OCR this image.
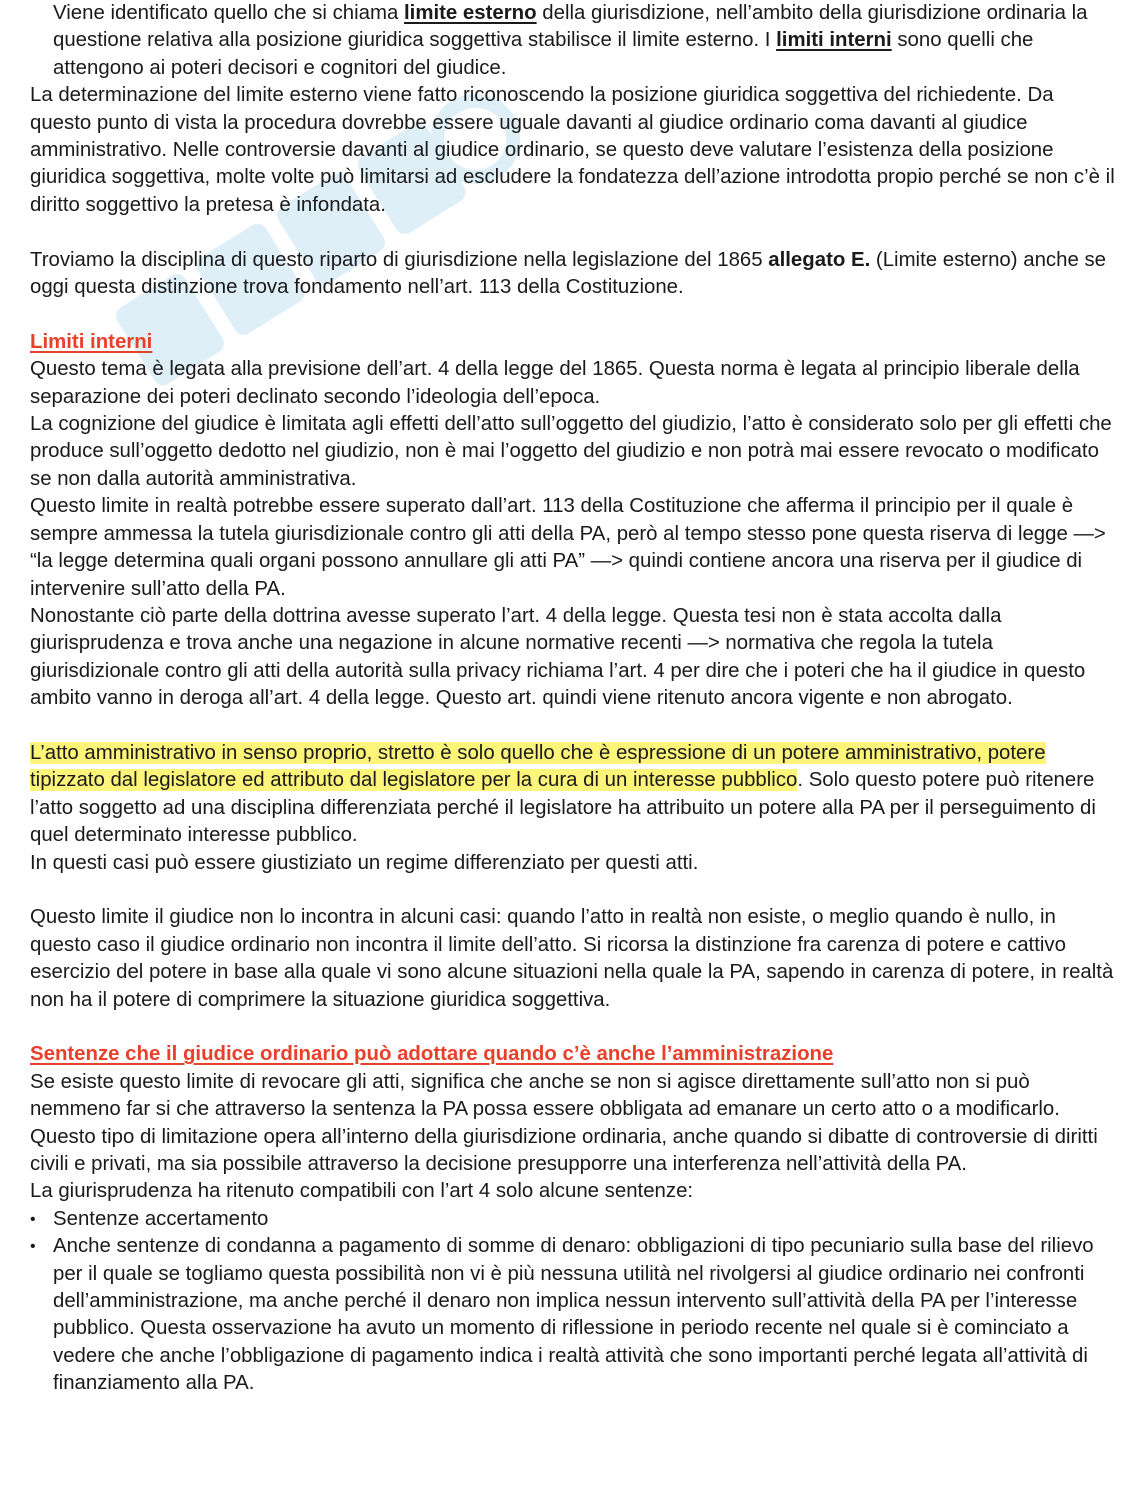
Viene identificato quello che si chiama limite esterno della giurisdizione, nell’ambito della giurisdizione ordinaria la questione relativa alla posizione giuridica soggettiva stabilisce il limite esterno. I limiti interni sono quelli che attengono ai poteri decisori e cognitori del giudice.

La determinazione del limite esterno viene fatto riconoscendo la posizione giuridica soggettiva del richiedente. Da questo punto di vista la procedura dovrebbe essere uguale davanti al giudice ordinario coma davanti al giudice amministrativo. Nelle controversie davanti al giudice ordinario, se questo deve valutare l’esistenza della posizione giuridica soggettiva, molte volte può limitarsi ad escludere la fondatezza dell’azione introdotta propio perché se non c’è il diritto soggettivo la pretesa è infondata.

Troviamo la disciplina di questo riparto di giurisdizione nella legislazione del 1865 allegato E. (Limite esterno) anche se oggi questa distinzione trova fondamento nell’art. 113 della Costituzione.

Limiti interni

Questo tema è legata alla previsione dell’art. 4 della legge del 1865. Questa norma è legata al principio liberale della separazione dei poteri declinato secondo l’ideologia dell’epoca.

La cognizione del giudice è limitata agli effetti dell’atto sull’oggetto del giudizio, l’atto è considerato solo per gli effetti che produce sull’oggetto dedotto nel giudizio, non è mai l’oggetto del giudizio e non potrà mai essere revocato o modificato se non dalla autorità amministrativa.

Questo limite in realtà potrebbe essere superato dall’art. 113 della Costituzione che afferma il principio per il quale è sempre ammessa la tutela giurisdizionale contro gli atti della PA, però al tempo stesso pone questa riserva di legge —> “la legge determina quali organi possono annullare gli atti PA” —> quindi contiene ancora una riserva per il giudice di intervenire sull’atto della PA.

Nonostante ciò parte della dottrina avesse superato l’art. 4 della legge. Questa tesi non è stata accolta dalla giurisprudenza e trova anche una negazione in alcune normative recenti —> normativa che regola la tutela giurisdizionale contro gli atti della autorità sulla privacy richiama l’art. 4 per dire che i poteri che ha il giudice in questo ambito vanno in deroga all’art. 4 della legge. Questo art. quindi viene ritenuto ancora vigente e non abrogato.

L’atto amministrativo in senso proprio, stretto è solo quello che è espressione di un potere amministrativo, potere tipizzato dal legislatore ed attributo dal legislatore per la cura di un interesse pubblico. Solo questo potere può ritenere l’atto soggetto ad una disciplina differenziata perché il legislatore ha attribuito un potere alla PA per il perseguimento di quel determinato interesse pubblico.

In questi casi può essere giustiziato un regime differenziato per questi atti.

Questo limite il giudice non lo incontra in alcuni casi: quando l’atto in realtà non esiste, o meglio quando è nullo, in questo caso il giudice ordinario non incontra il limite dell’atto. Si ricorsa la distinzione fra carenza di potere e cattivo esercizio del potere in base alla quale vi sono alcune situazioni nella quale la PA, sapendo in carenza di potere, in realtà non ha il potere di comprimere la situazione giuridica soggettiva.

Sentenze che il giudice ordinario può adottare quando c’è anche l’amministrazione

Se esiste questo limite di revocare gli atti, significa che anche se non si agisce direttamente sull’atto non si può nemmeno far si che attraverso la sentenza la PA possa essere obbligata ad emanare un certo atto o a modificarlo.

Questo tipo di limitazione opera all’interno della giurisdizione ordinaria, anche quando si dibatte di controversie di diritti civili e privati, ma sia possibile attraverso la decisione presupporre una interferenza nell’attività della PA.

La giurisprudenza ha ritenuto compatibili con l’art 4 solo alcune sentenze:

• Sentenze accertamento
• Anche sentenze di condanna a pagamento di somme di denaro: obbligazioni di tipo pecuniario sulla base del rilievo per il quale se togliamo questa possibilità non vi è più nessuna utilità nel rivolgersi al giudice ordinario nei confronti dell’amministrazione, ma anche perché il denaro non implica nessun intervento sull’attività della PA per l’interesse pubblico. Questa osservazione ha avuto un momento di riflessione in periodo recente nel quale si è cominciato a vedere che anche l’obbligazione di pagamento indica i realtà attività che sono importanti perché legata all’attività di finanziamento alla PA.
